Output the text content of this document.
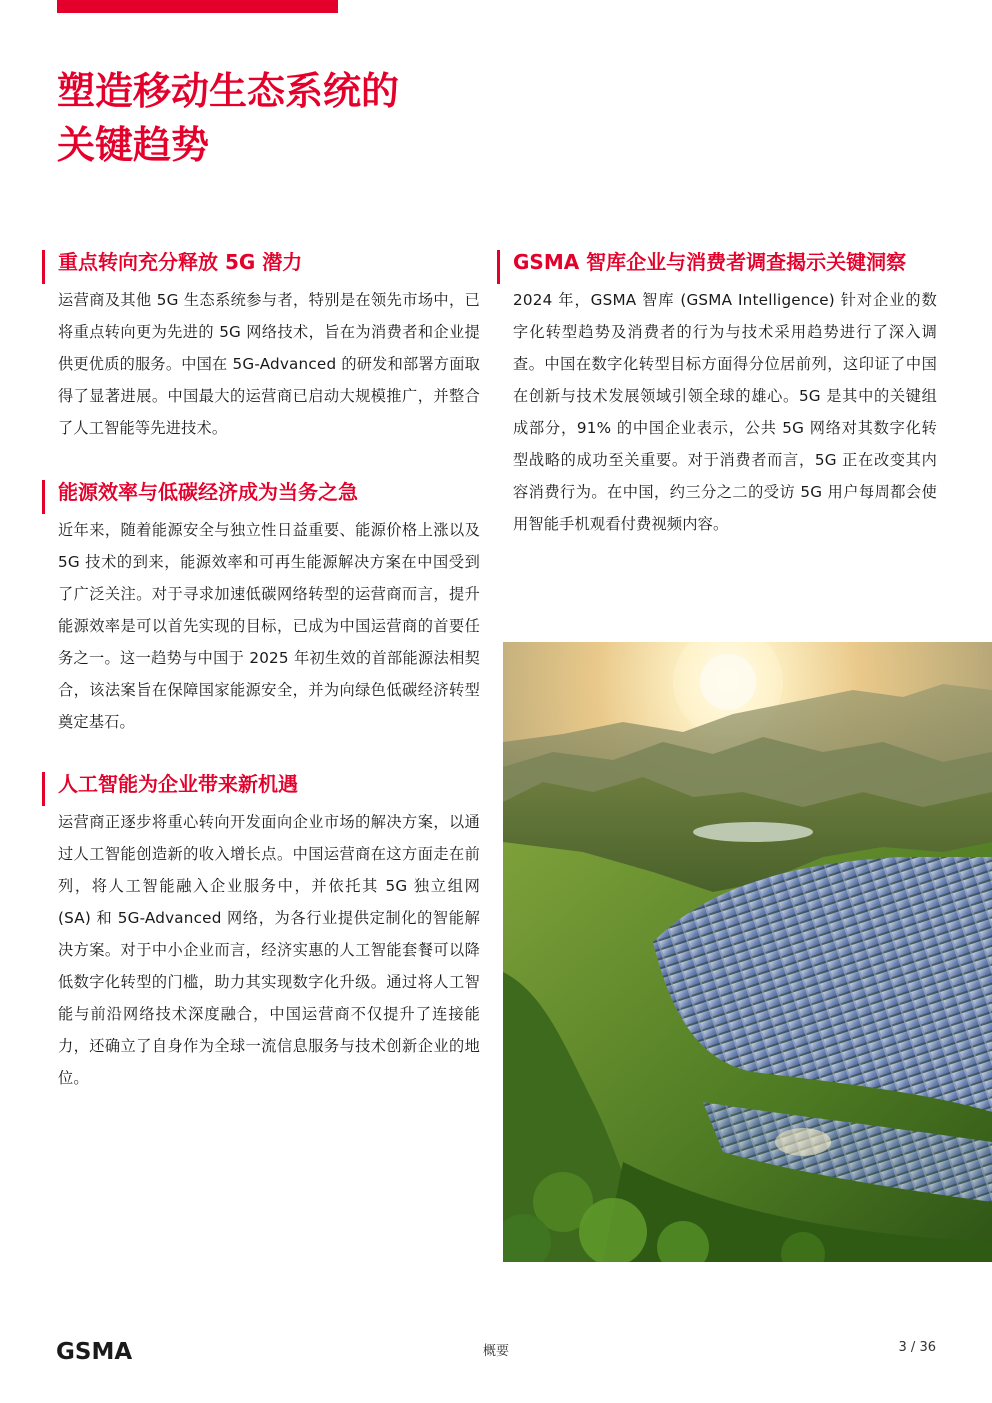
塑造移动生态系统的
关键趋势
重点转向充分释放 5G 潜力

运营商及其他 5G 生态系统参与者，特别是在领先市场中，已将重点转向更为先进的 5G 网络技术，旨在为消费者和企业提供更优质的服务。中国在 5G-Advanced 的研发和部署方面取得了显著进展。中国最大的运营商已启动大规模推广，并整合了人工智能等先进技术。

能源效率与低碳经济成为当务之急

近年来，随着能源安全与独立性日益重要、能源价格上涨以及 5G 技术的到来，能源效率和可再生能源解决方案在中国受到了广泛关注。对于寻求加速低碳网络转型的运营商而言，提升能源效率是可以首先实现的目标，已成为中国运营商的首要任务之一。这一趋势与中国于 2025 年初生效的首部能源法相契合，该法案旨在保障国家能源安全，并为向绿色低碳经济转型奠定基石。

人工智能为企业带来新机遇

运营商正逐步将重心转向开发面向企业市场的解决方案，以通过人工智能创造新的收入增长点。中国运营商在这方面走在前列，将人工智能融入企业服务中，并依托其 5G 独立组网 (SA) 和 5G-Advanced 网络，为各行业提供定制化的智能解决方案。对于中小企业而言，经济实惠的人工智能套餐可以降低数字化转型的门槛，助力其实现数字化升级。通过将人工智能与前沿网络技术深度融合，中国运营商不仅提升了连接能力，还确立了自身作为全球一流信息服务与技术创新企业的地位。

GSMA 智库企业与消费者调查揭示关键洞察

2024 年，GSMA 智库 (GSMA Intelligence) 针对企业的数字化转型趋势及消费者的行为与技术采用趋势进行了深入调查。中国在数字化转型目标方面得分位居前列，这印证了中国在创新与技术发展领域引领全球的雄心。5G 是其中的关键组成部分，91% 的中国企业表示，公共 5G 网络对其数字化转型战略的成功至关重要。对于消费者而言，5G 正在改变其内容消费行为。在中国，约三分之二的受访 5G 用户每周都会使用智能手机观看付费视频内容。

GSMA	概要	3 / 36
